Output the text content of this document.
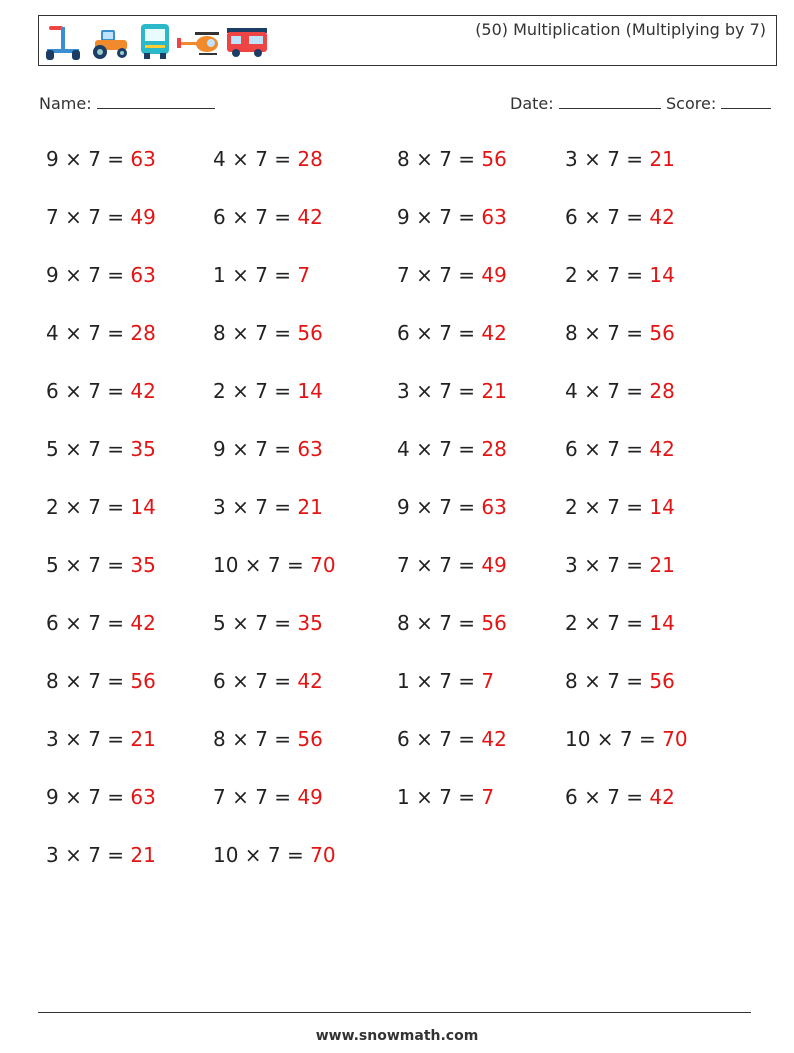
(50) Multiplication (Multiplying by 7)
Name:	Date:	Score:
9 × 7 = 63
7 × 7 = 49
9 × 7 = 63
4 × 7 = 28
6 × 7 = 42
5 × 7 = 35
2 × 7 = 14
5 × 7 = 35
6 × 7 = 42
8 × 7 = 56
3 × 7 = 21
9 × 7 = 63
3 × 7 = 21
4 × 7 = 28
6 × 7 = 42
1 × 7 = 7
8 × 7 = 56
2 × 7 = 14
9 × 7 = 63
3 × 7 = 21
10 × 7 = 70
5 × 7 = 35
6 × 7 = 42
8 × 7 = 56
7 × 7 = 49
10 × 7 = 70
8 × 7 = 56
9 × 7 = 63
7 × 7 = 49
6 × 7 = 42
3 × 7 = 21
4 × 7 = 28
9 × 7 = 63
7 × 7 = 49
8 × 7 = 56
1 × 7 = 7
6 × 7 = 42
1 × 7 = 7
3 × 7 = 21
6 × 7 = 42
2 × 7 = 14
8 × 7 = 56
4 × 7 = 28
6 × 7 = 42
2 × 7 = 14
3 × 7 = 21
2 × 7 = 14
8 × 7 = 56
10 × 7 = 70
6 × 7 = 42
www.snowmath.com
